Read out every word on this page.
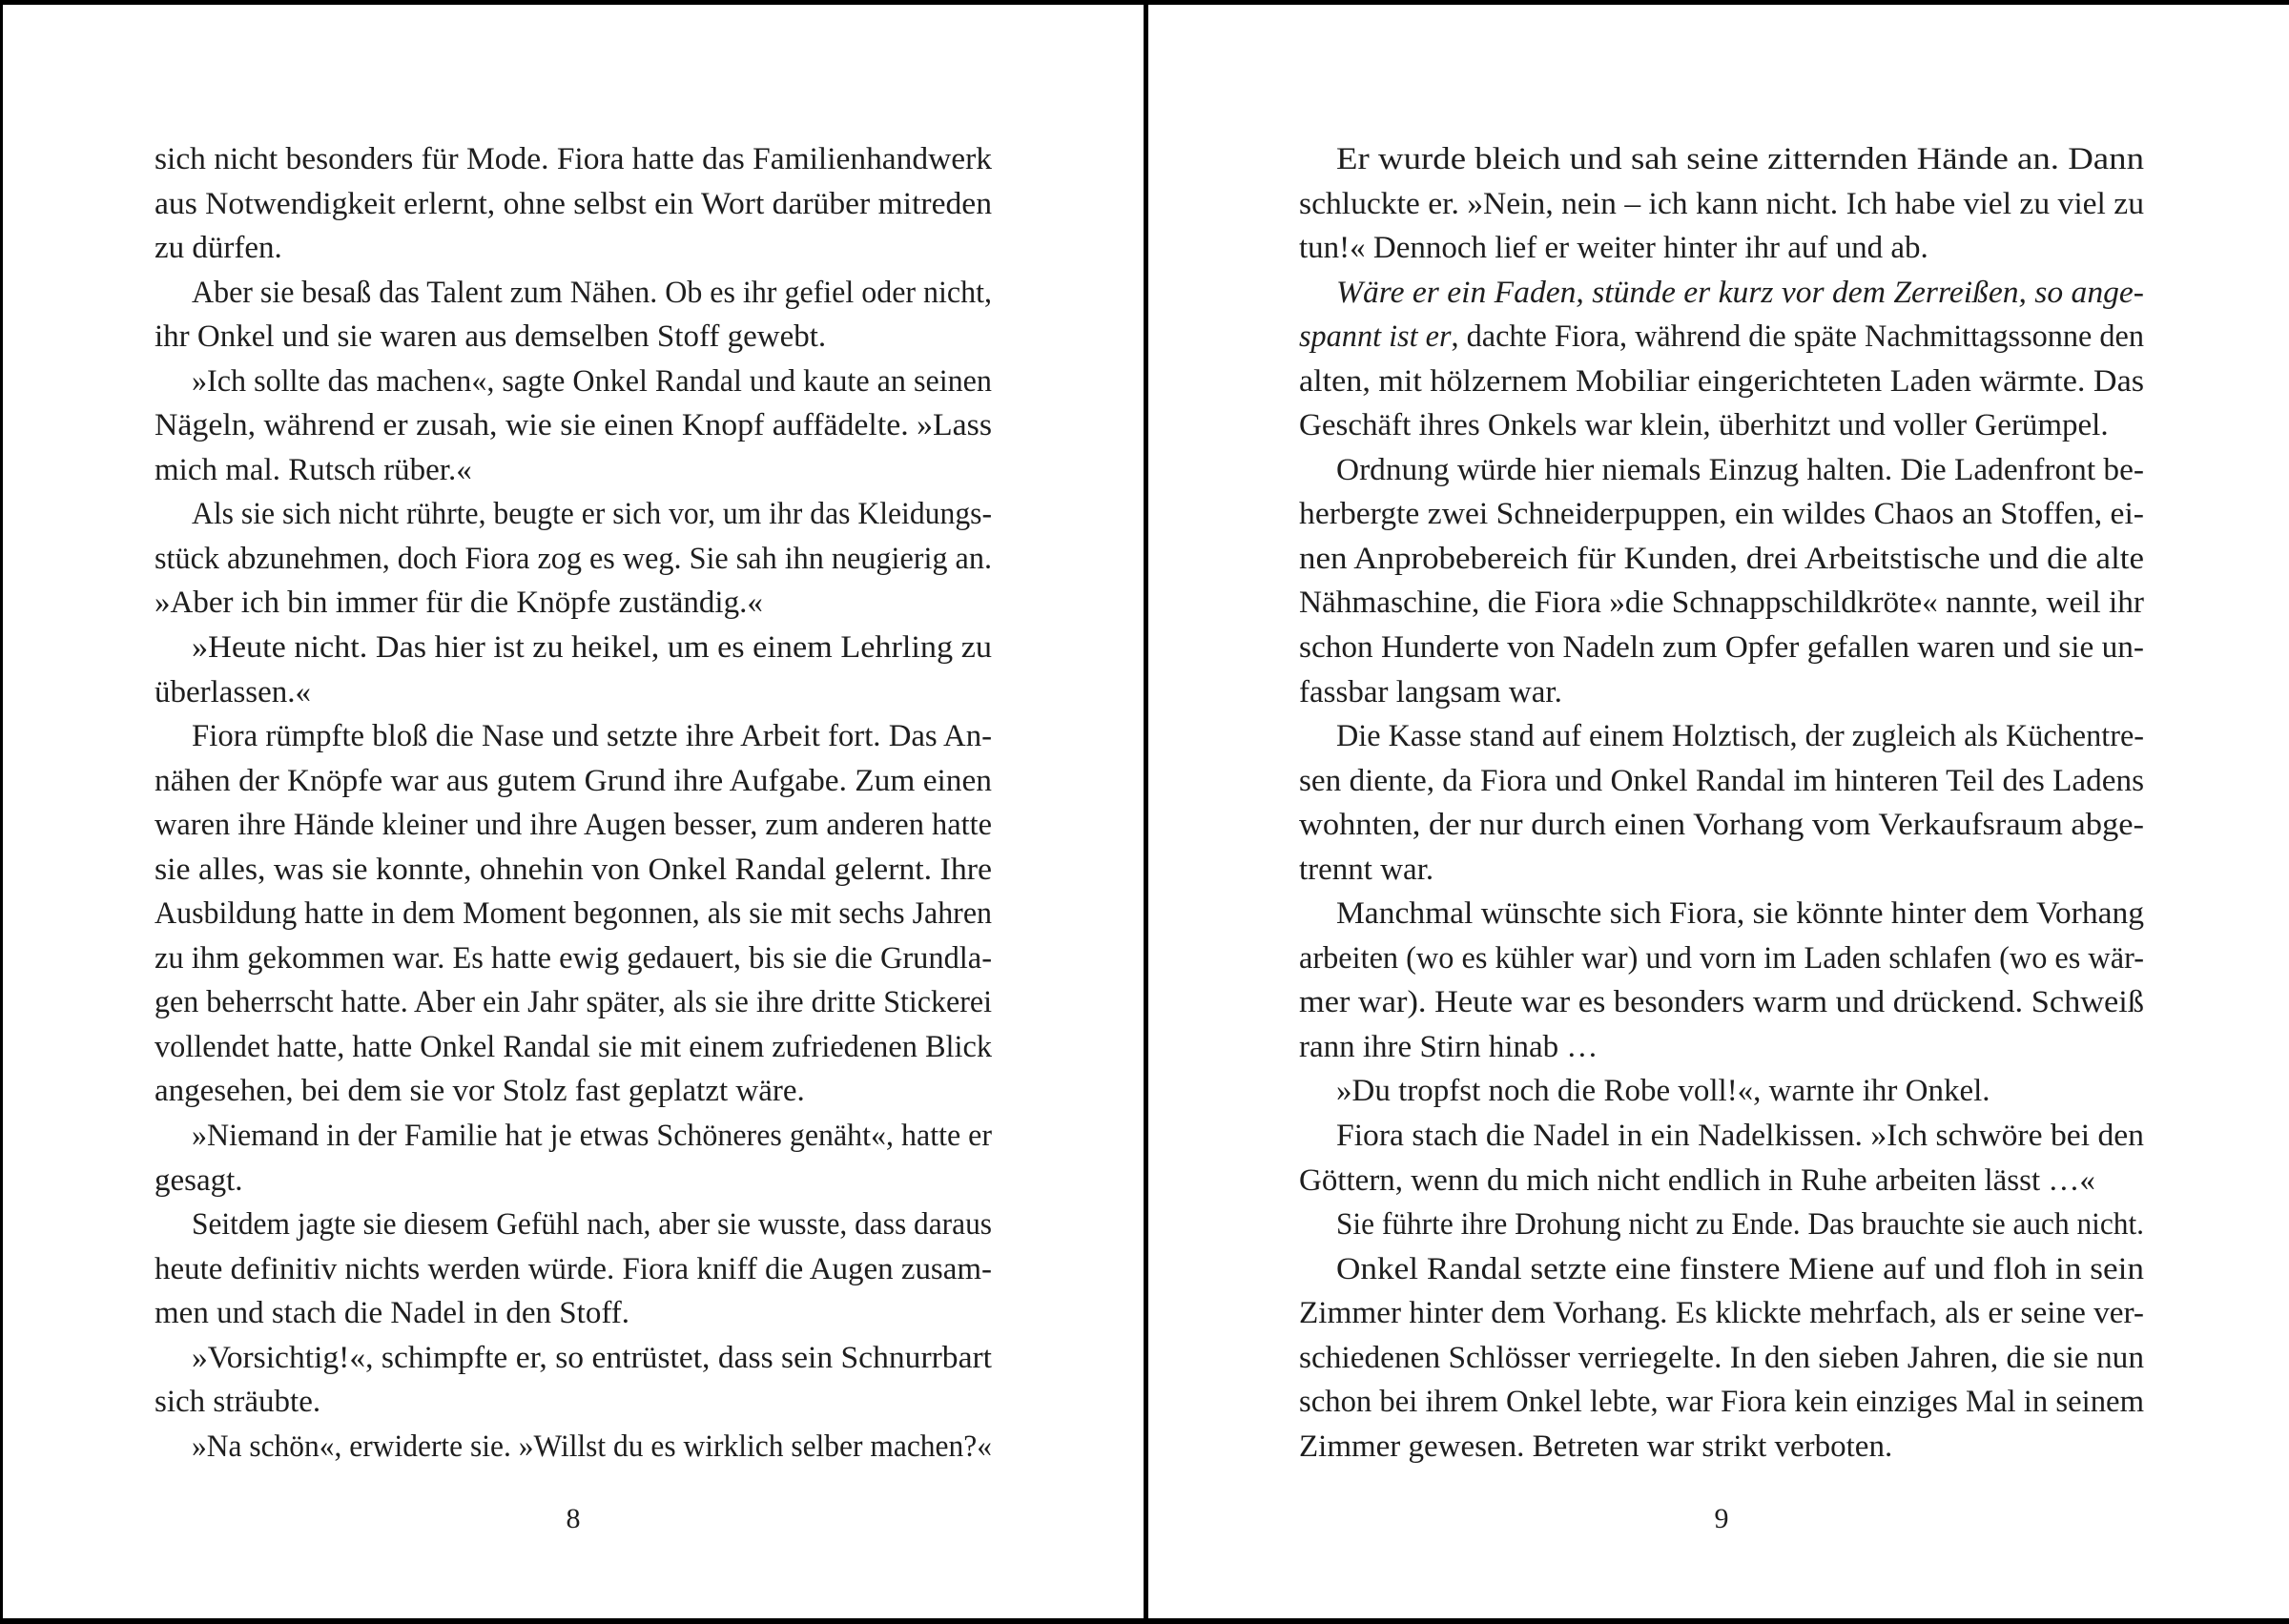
sich nicht besonders für Mode. Fiora hatte das Familienhandwerk
aus Notwendigkeit erlernt, ohne selbst ein Wort darüber mitreden
zu dürfen.
Aber sie besaß das Talent zum Nähen. Ob es ihr gefiel oder nicht,
ihr Onkel und sie waren aus demselben Stoff gewebt.
»Ich sollte das machen«, sagte Onkel Randal und kaute an seinen
Nägeln, während er zusah, wie sie einen Knopf auffädelte. »Lass
mich mal. Rutsch rüber.«
Als sie sich nicht rührte, beugte er sich vor, um ihr das Kleidungs-
stück abzunehmen, doch Fiora zog es weg. Sie sah ihn neugierig an.
»Aber ich bin immer für die Knöpfe zuständig.«
»Heute nicht. Das hier ist zu heikel, um es einem Lehrling zu
überlassen.«
Fiora rümpfte bloß die Nase und setzte ihre Arbeit fort. Das An-
nähen der Knöpfe war aus gutem Grund ihre Aufgabe. Zum einen
waren ihre Hände kleiner und ihre Augen besser, zum anderen hatte
sie alles, was sie konnte, ohnehin von Onkel Randal gelernt. Ihre
Ausbildung hatte in dem Moment begonnen, als sie mit sechs Jahren
zu ihm gekommen war. Es hatte ewig gedauert, bis sie die Grundla-
gen beherrscht hatte. Aber ein Jahr später, als sie ihre dritte Stickerei
vollendet hatte, hatte Onkel Randal sie mit einem zufriedenen Blick
angesehen, bei dem sie vor Stolz fast geplatzt wäre.
»Niemand in der Familie hat je etwas Schöneres genäht«, hatte er
gesagt.
Seitdem jagte sie diesem Gefühl nach, aber sie wusste, dass daraus
heute definitiv nichts werden würde. Fiora kniff die Augen zusam-
men und stach die Nadel in den Stoff.
»Vorsichtig!«, schimpfte er, so entrüstet, dass sein Schnurrbart
sich sträubte.
»Na schön«, erwiderte sie. »Willst du es wirklich selber machen?«
8
Er wurde bleich und sah seine zitternden Hände an. Dann
schluckte er. »Nein, nein – ich kann nicht. Ich habe viel zu viel zu
tun!« Dennoch lief er weiter hinter ihr auf und ab.
Wäre er ein Faden, stünde er kurz vor dem Zerreißen, so ange-
spannt ist er, dachte Fiora, während die späte Nachmittagssonne den
alten, mit hölzernem Mobiliar eingerichteten Laden wärmte. Das
Geschäft ihres Onkels war klein, überhitzt und voller Gerümpel.
Ordnung würde hier niemals Einzug halten. Die Ladenfront be-
herbergte zwei Schneiderpuppen, ein wildes Chaos an Stoffen, ei-
nen Anprobebereich für Kunden, drei Arbeitstische und die alte
Nähmaschine, die Fiora »die Schnappschildkröte« nannte, weil ihr
schon Hunderte von Nadeln zum Opfer gefallen waren und sie un-
fassbar langsam war.
Die Kasse stand auf einem Holztisch, der zugleich als Küchentre-
sen diente, da Fiora und Onkel Randal im hinteren Teil des Ladens
wohnten, der nur durch einen Vorhang vom Verkaufsraum abge-
trennt war.
Manchmal wünschte sich Fiora, sie könnte hinter dem Vorhang
arbeiten (wo es kühler war) und vorn im Laden schlafen (wo es wär-
mer war). Heute war es besonders warm und drückend. Schweiß
rann ihre Stirn hinab …
»Du tropfst noch die Robe voll!«, warnte ihr Onkel.
Fiora stach die Nadel in ein Nadelkissen. »Ich schwöre bei den
Göttern, wenn du mich nicht endlich in Ruhe arbeiten lässt …«
Sie führte ihre Drohung nicht zu Ende. Das brauchte sie auch nicht.
Onkel Randal setzte eine finstere Miene auf und floh in sein
Zimmer hinter dem Vorhang. Es klickte mehrfach, als er seine ver-
schiedenen Schlösser verriegelte. In den sieben Jahren, die sie nun
schon bei ihrem Onkel lebte, war Fiora kein einziges Mal in seinem
Zimmer gewesen. Betreten war strikt verboten.
9
